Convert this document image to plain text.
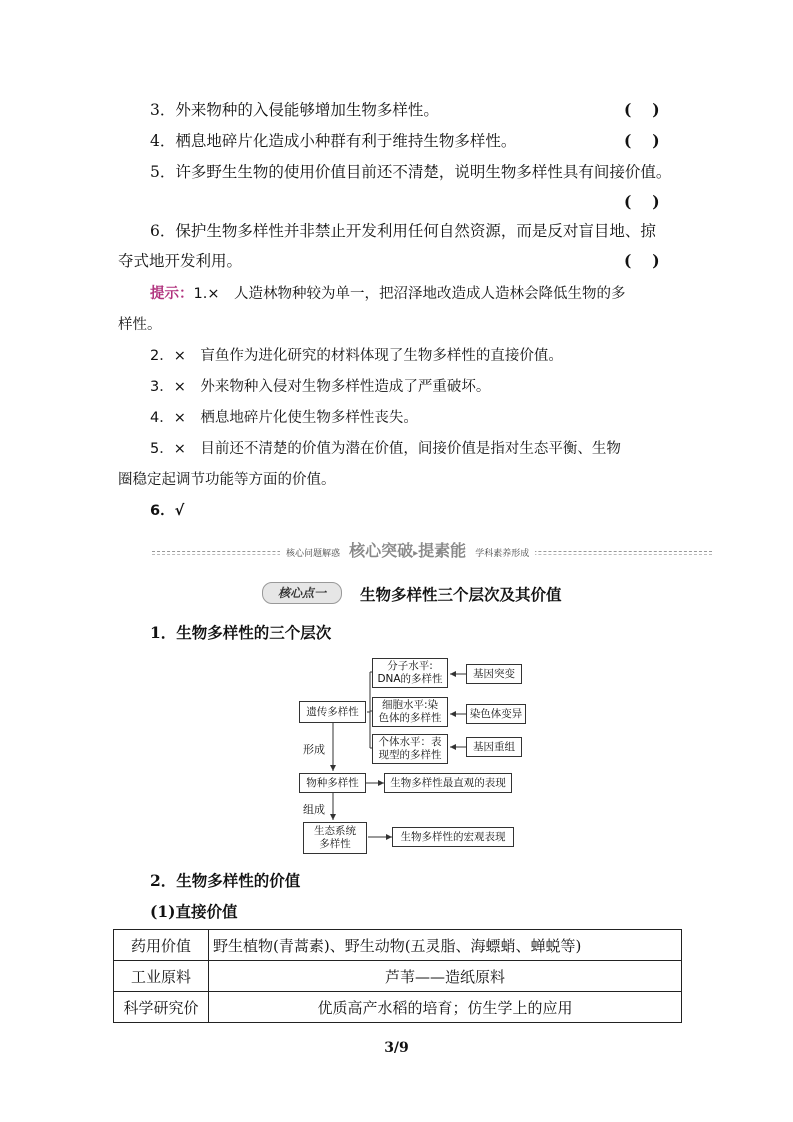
3．外来物种的入侵能够增加生物多样性。	(　 )
4．栖息地碎片化造成小种群有利于维持生物多样性。	(　 )
5．许多野生生物的使用价值目前还不清楚，说明生物多样性具有间接价值。
(　 )
6．保护生物多样性并非禁止开发利用任何自然资源，而是反对盲目地、掠
夺式地开发利用。	(　 )
提示：1.×　人造林物种较为单一，把沼泽地改造成人造林会降低生物的多
样性。
2．×　盲鱼作为进化研究的材料体现了生物多样性的直接价值。
3．×　外来物种入侵对生物多样性造成了严重破坏。
4．×　栖息地碎片化使生物多样性丧失。
5．×　目前还不清楚的价值为潜在价值，间接价值是指对生态平衡、生物
圈稳定起调节功能等方面的价值。
6．√
核心问题解惑 核心突破▸提素能 学科素养形成
核心点一	生物多样性三个层次及其价值
1．生物多样性的三个层次
遗传多样性
分子水平:
DNA的多样性
细胞水平:染
色体的多样性
个体水平：表
现型的多样性
基因突变
染色体变异
基因重组
形成
物种多样性	生物多样性最直观的表现
组成
生态系统
多样性
生物多样性的宏观表现
2．生物多样性的价值
(1)直接价值
药用价值	野生植物(青蒿素)、野生动物(五灵脂、海螵蛸、蝉蜕等)
工业原料	芦苇——造纸原料
科学研究价	优质高产水稻的培育；仿生学上的应用
3/9
